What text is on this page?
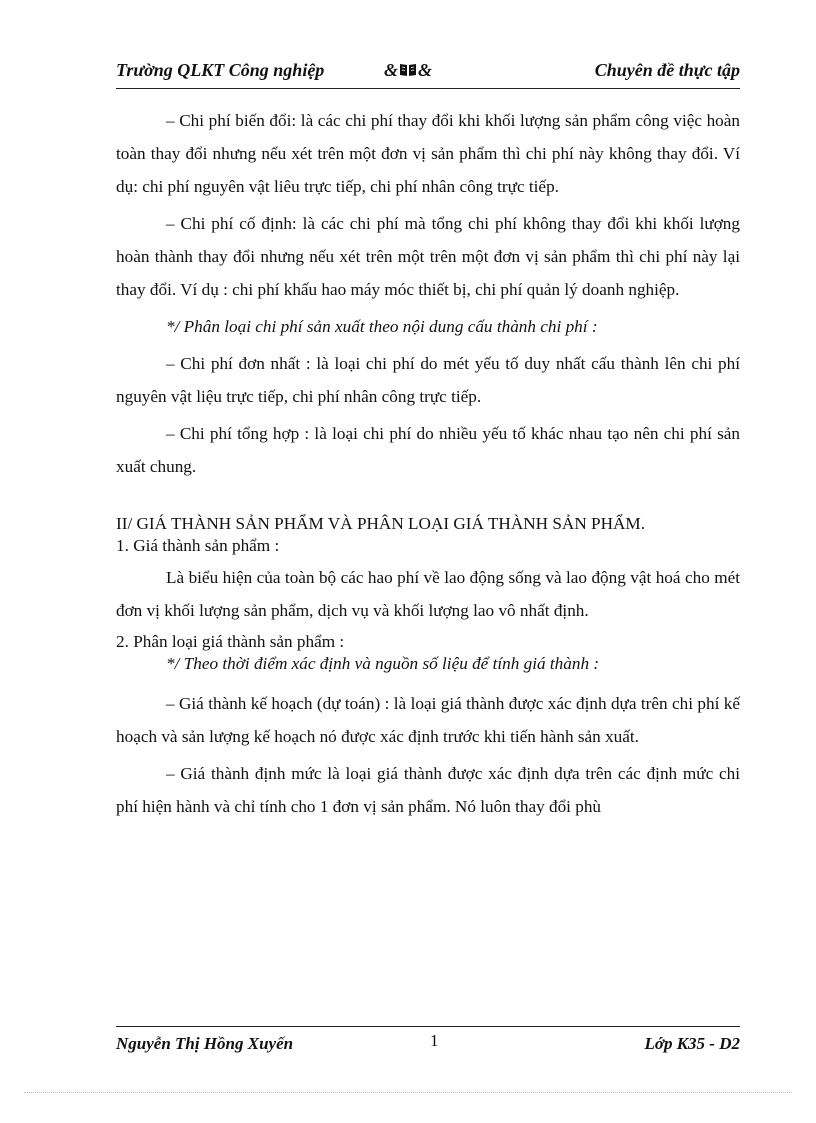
Trường QLKT Công nghiệp	& &	Chuyên đề thực tập

– Chi phí biến đổi: là các chi phí thay đổi khi khối lượng sản phẩm công việc hoàn toàn thay đổi nhưng nếu xét trên một đơn vị sản phẩm thì chi phí này không thay đổi. Ví dụ: chi phí nguyên vật liêu trực tiếp, chi phí nhân công trực tiếp.

– Chi phí cố định: là các chi phí mà tổng chi phí không thay đổi khi khối lượng hoàn thành thay đổi nhưng nếu xét trên một trên một đơn vị sản phẩm thì chi phí này lại thay đổi. Ví dụ : chi phí khấu hao máy móc thiết bị, chi phí quản lý doanh nghiệp.

*/ Phân loại chi phí sản xuất theo nội dung cấu thành chi phí :

– Chi phí đơn nhất : là loại chi phí do mét yếu tố duy nhất cấu thành lên chi phí nguyên vật liệu trực tiếp, chi phí nhân công trực tiếp.

– Chi phí tổng hợp : là loại chi phí do nhiều yếu tố khác nhau tạo nên chi phí sản xuất chung.

II/ GIÁ THÀNH SẢN PHẨM VÀ PHÂN LOẠI GIÁ THÀNH SẢN PHẨM.

1. Giá thành sản phẩm :

Là biểu hiện của toàn bộ các hao phí về lao động sống và lao động vật hoá cho mét đơn vị khối lượng sản phẩm, dịch vụ và khối lượng lao vô nhất định.

2. Phân loại giá thành sản phẩm :

*/ Theo thời điểm xác định và nguồn số liệu để tính giá thành :

– Giá thành kế hoạch (dự toán) : là loại giá thành được xác định dựa trên chi phí kế hoạch và sản lượng kế hoạch nó được xác định trước khi tiến hành sản xuất.

– Giá thành định mức là loại giá thành được xác định dựa trên các định mức chi phí hiện hành và chỉ tính cho 1 đơn vị sản phẩm. Nó luôn thay đổi phù

Nguyễn Thị Hồng Xuyến	1	Lớp K35 - D2
